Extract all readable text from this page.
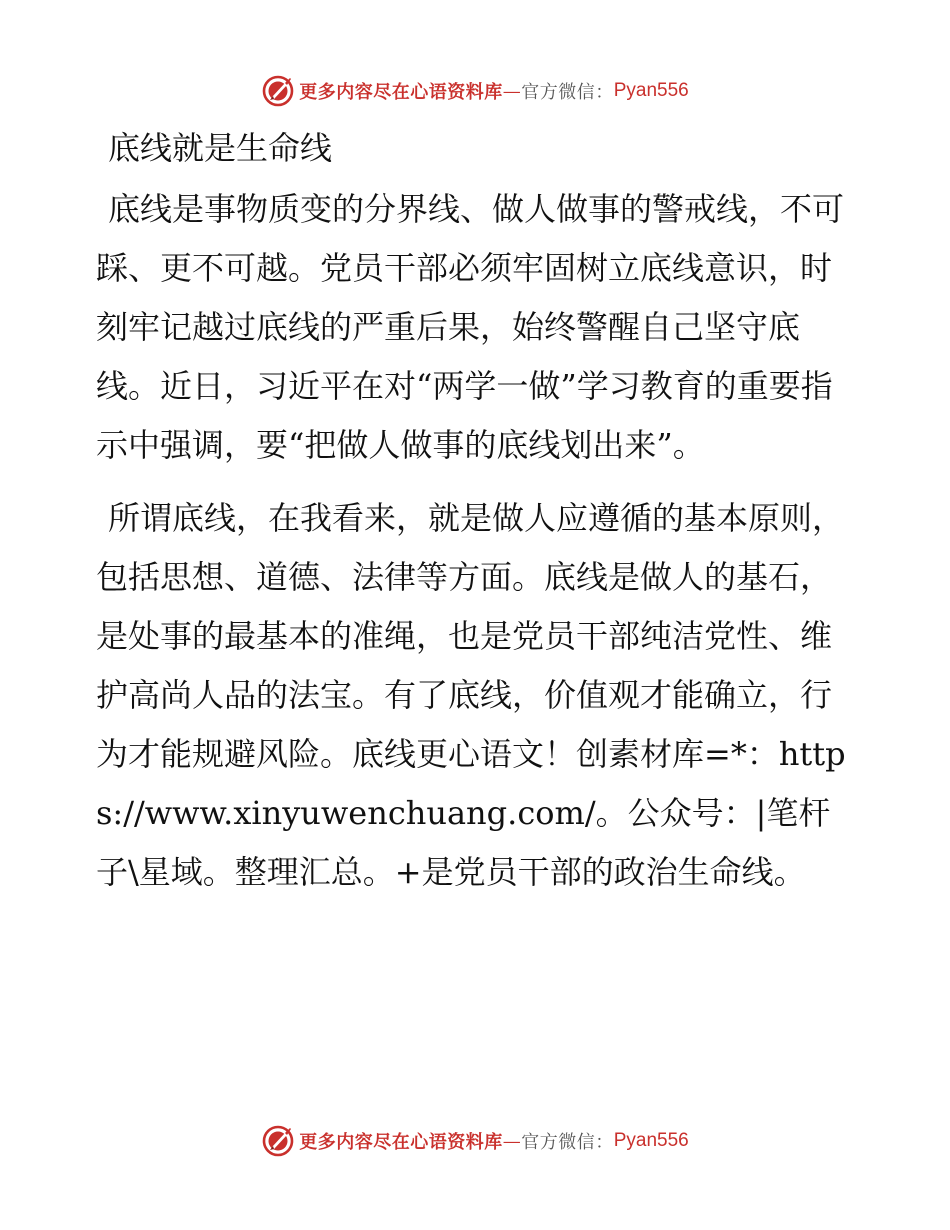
更多内容尽在心语资料库 — 官方微信： Pyan556
底线就是生命线

底线是事物质变的分界线、做人做事的警戒线，不可踩、更不可越。党员干部必须牢固树立底线意识，时刻牢记越过底线的严重后果，始终警醒自己坚守底线。近日，习近平在对“两学一做”学习教育的重要指示中强调，要“把做人做事的底线划出来”。

所谓底线，在我看来，就是做人应遵循的基本原则，包括思想、道德、法律等方面。底线是做人的基石，是处事的最基本的准绳，也是党员干部纯洁党性、维护高尚人品的法宝。有了底线，价值观才能确立，行为才能规避风险。底线更心语文！创素材库=*：https://www.xinyuwenchuang.com/。公众号：|笔杆子\星域。整理汇总。+是党员干部的政治生命线。

更多内容尽在心语资料库 — 官方微信： Pyan556
